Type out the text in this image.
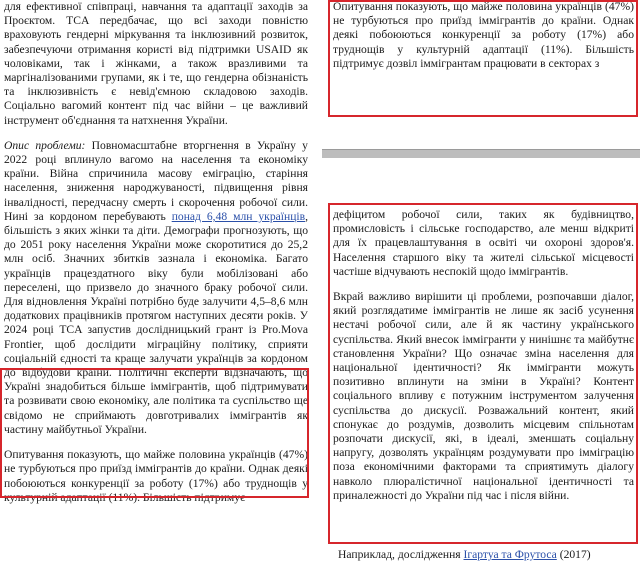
для ефективної співпраці, навчання та адаптації заходів за Проєктом. TCA передбачає, що всі заходи повністю враховують гендерні міркування та інклюзивний розвиток, забезпечуючи отримання користі від підтримки USAID як чоловіками, так і жінками, а також вразливими та маргіналізованими групами, як і те, що гендерна обізнаність та інклюзивність є невід'ємною складовою заходів. Соціально вагомий контент під час війни – це важливий інструмент об'єднання та натхнення України.

Опис проблеми: Повномасштабне вторгнення в Україну у 2022 році вплинуло вагомо на населення та економіку країни. Війна спричинила масову еміграцію, старіння населення, зниження народжуваності, підвищення рівня інвалідності, передчасну смерть і скорочення робочої сили. Нині за кордоном перебувають понад 6,48 млн українців, більшість з яких жінки та діти. Демографи прогнозують, що до 2051 року населення України може скоротитися до 25,2 млн осіб. Значних збитків зазнала і економіка. Багато українців працездатного віку були мобілізовані або переселені, що призвело до значного браку робочої сили. Для відновлення Україні потрібно буде залучити 4,5–8,6 млн додаткових працівників протягом наступних десяти років. У 2024 році TCA запустив дослідницький грант із Pro.Mova Frontier, щоб дослідити міграційну політику, сприяти соціальній єдності та краще залучати українців за кордоном до відбудови країни. Політичні експерти відзначають, що Україні знадобиться більше іммігрантів, щоб підтримувати та розвивати свою економіку, але політика та суспільство ще свідомо не сприймають довготривалих іммігрантів як частину майбутньої України.

Опитування показують, що майже половина українців (47%) не турбуються про приїзд іммігрантів до країни. Однак деякі побоюються конкуренції за роботу (17%) або труднощів у культурній адаптації (11%). Більшість підтримує

Опитування показують, що майже половина українців (47%) не турбуються про приїзд іммігрантів до країни. Однак деякі побоюються конкуренції за роботу (17%) або труднощів у культурній адаптації (11%). Більшість підтримує дозвіл іммігрантам працювати в секторах з

дефіцитом робочої сили, таких як будівництво, промисловість і сільське господарство, але менш відкриті для їх працевлаштування в освіті чи охороні здоров'я. Населення старшого віку та жителі сільської місцевості частіше відчувають неспокій щодо іммігрантів.

Вкрай важливо вирішити ці проблеми, розпочавши діалог, який розглядатиме іммігрантів не лише як засіб усунення нестачі робочої сили, але й як частину українського суспільства. Який внесок іммігранти у нинішнє та майбутнє становлення України? Що означає зміна населення для національної ідентичності? Як іммігранти можуть позитивно вплинути на зміни в Україні? Контент соціального впливу є потужним інструментом залучення суспільства до дискусії. Розважальний контент, який спонукає до роздумів, дозволить місцевим спільнотам розпочати дискусії, які, в ідеалі, зменшать соціальну напругу, дозволять українцям роздумувати про імміграцію поза економічними факторами та сприятимуть діалогу навколо плюралістичної національної ідентичності та приналежності до України під час і після війни.

Наприклад, дослідження Ігартуа та Фрутоса (2017)
